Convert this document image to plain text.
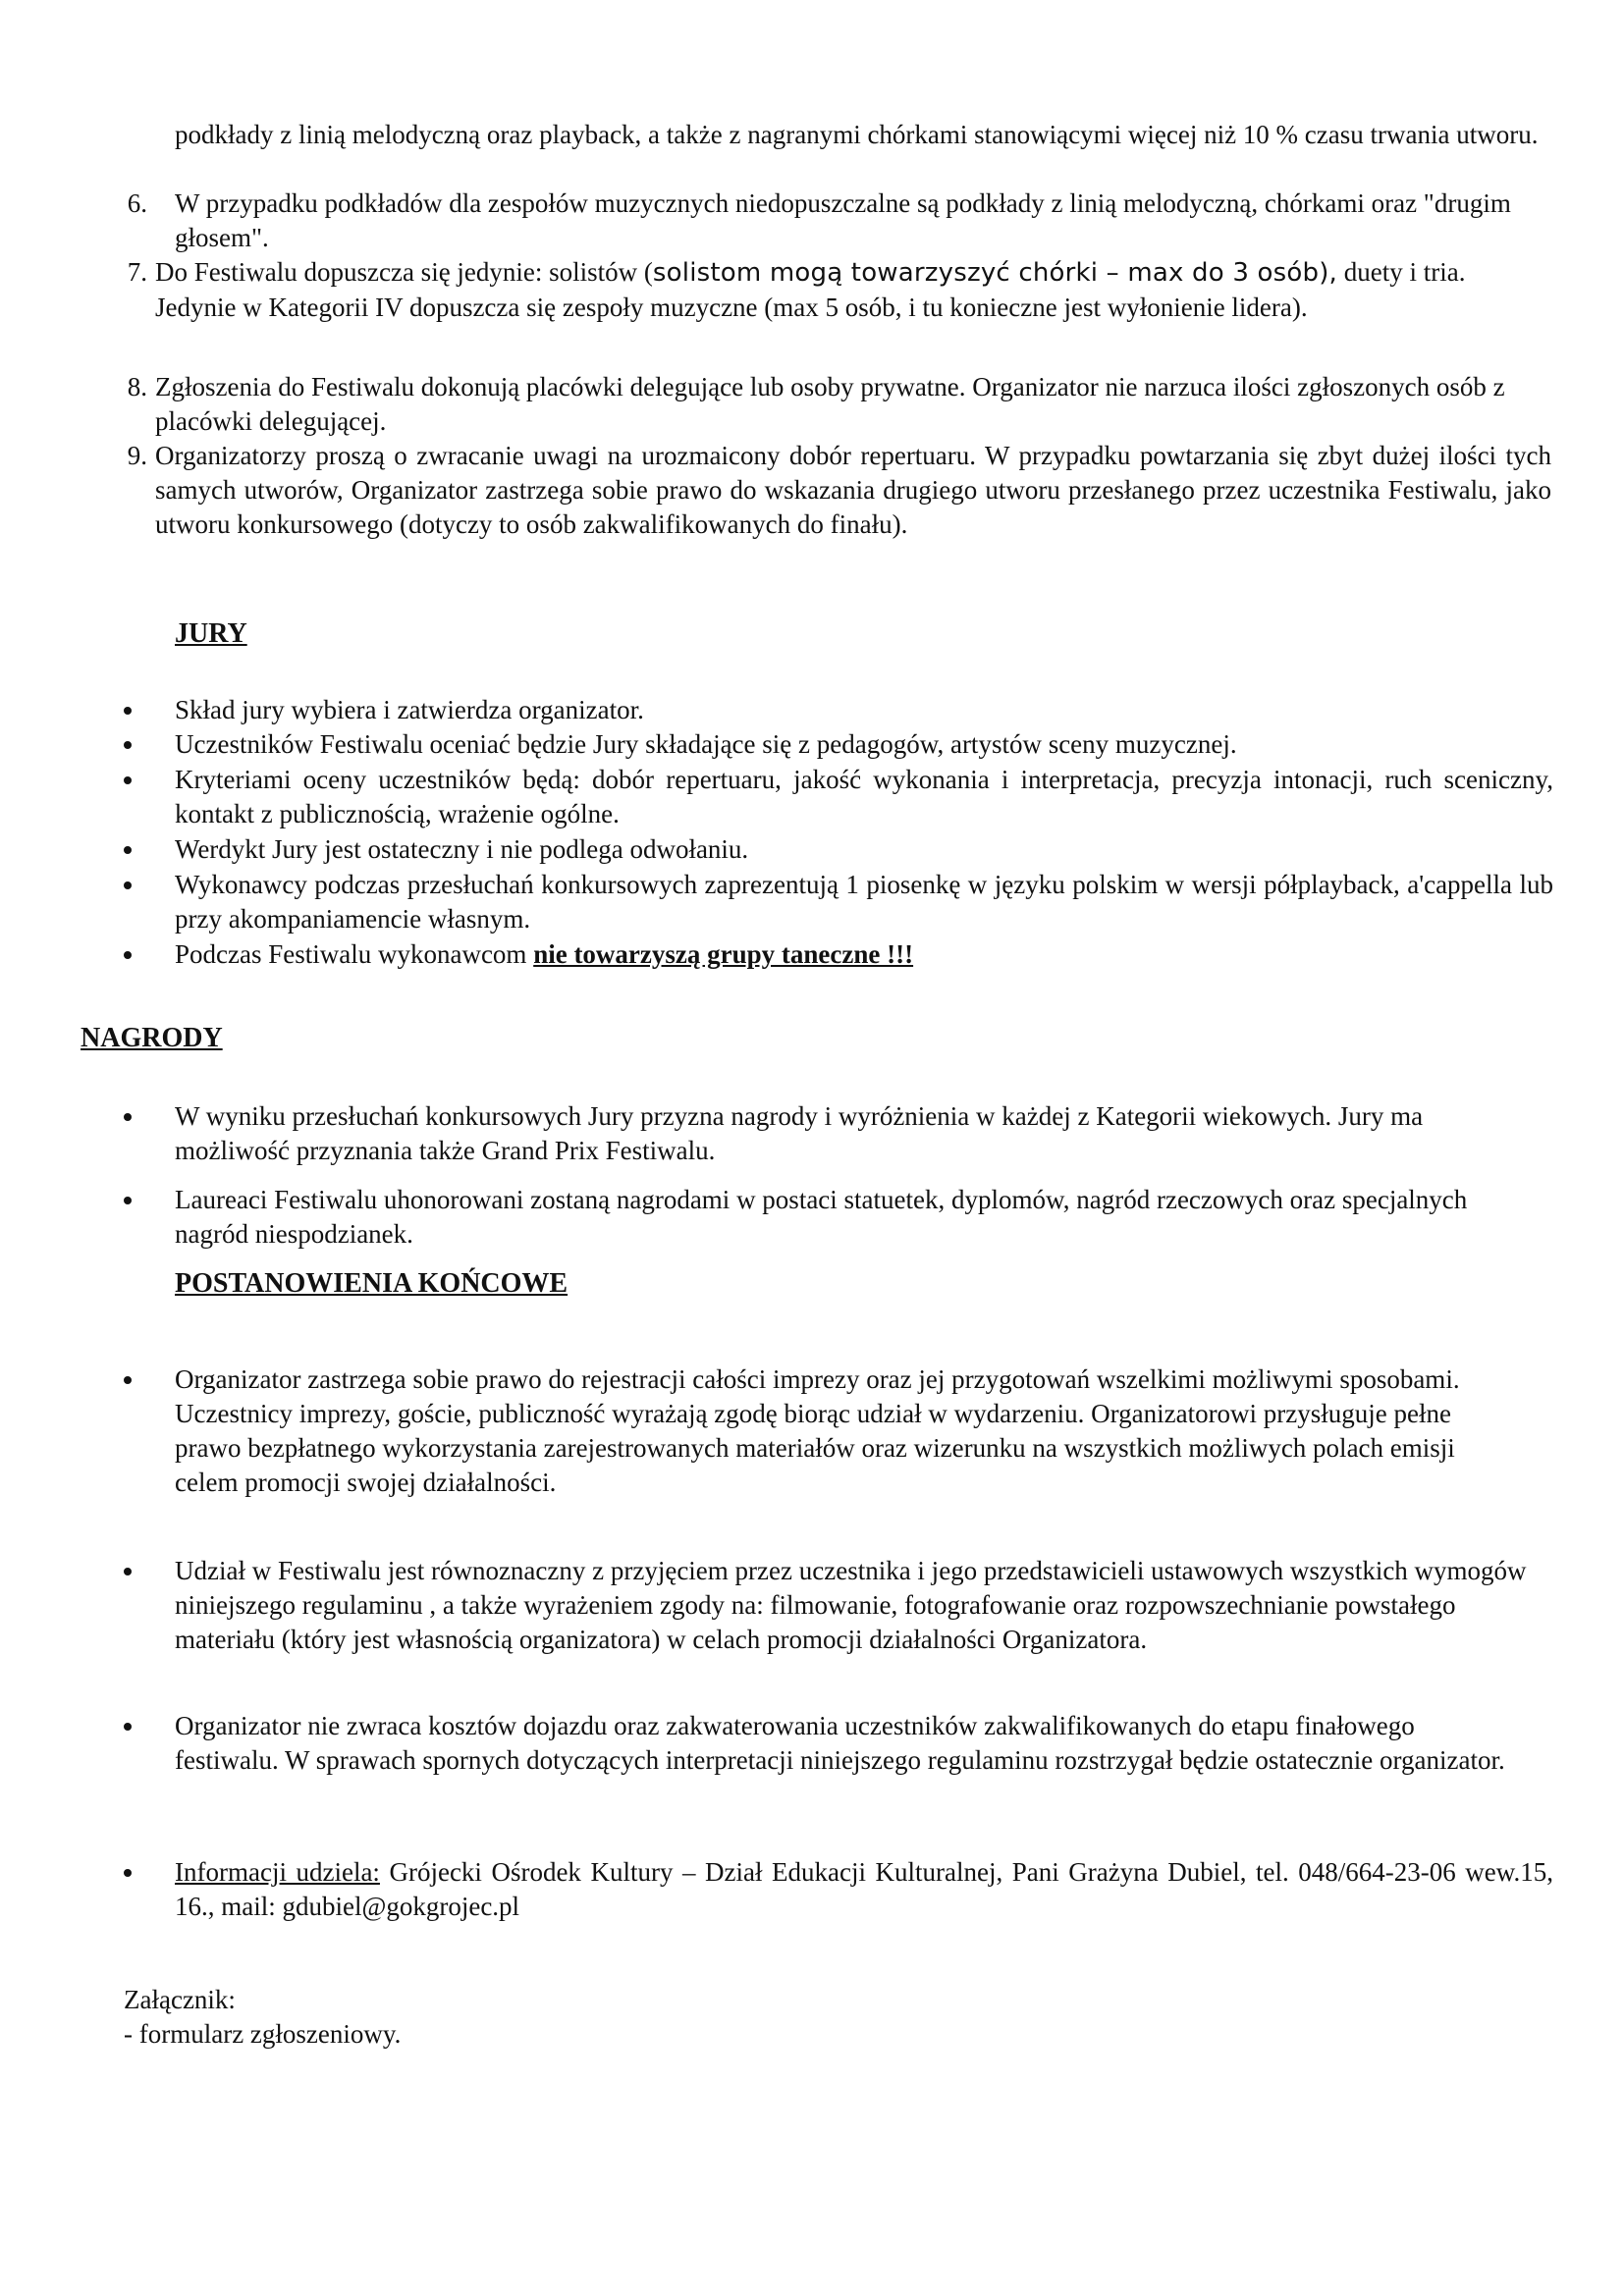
podkłady z linią melodyczną oraz playback, a także z nagranymi chórkami stanowiącymi więcej niż 10 % czasu trwania utworu.
6. W przypadku podkładów dla zespołów muzycznych niedopuszczalne są podkłady z linią melodyczną, chórkami oraz "drugim głosem".
7. Do Festiwalu dopuszcza się jedynie: solistów (solistom mogą towarzyszyć chórki – max do 3 osób), duety i tria. Jedynie w Kategorii IV dopuszcza się zespoły muzyczne (max 5 osób, i tu konieczne jest wyłonienie lidera).
8. Zgłoszenia do Festiwalu dokonują placówki delegujące lub osoby prywatne. Organizator nie narzuca ilości zgłoszonych osób z placówki delegującej.
9. Organizatorzy proszą o zwracanie uwagi na urozmaicony dobór repertuaru. W przypadku powtarzania się zbyt dużej ilości tych samych utworów, Organizator zastrzega sobie prawo do wskazania drugiego utworu przesłanego przez uczestnika Festiwalu, jako utworu konkursowego (dotyczy to osób zakwalifikowanych do finału).
JURY
Skład jury wybiera i zatwierdza organizator.
Uczestników Festiwalu oceniać będzie Jury składające się z pedagogów, artystów sceny muzycznej.
Kryteriami oceny uczestników będą: dobór repertuaru, jakość wykonania i interpretacja, precyzja intonacji, ruch sceniczny, kontakt z publicznością, wrażenie ogólne.
Werdykt Jury jest ostateczny i nie podlega odwołaniu.
Wykonawcy podczas przesłuchań konkursowych zaprezentują 1 piosenkę w języku polskim w wersji półplayback, a'cappella lub przy akompaniamencie własnym.
Podczas Festiwalu wykonawcom nie towarzyszą grupy taneczne !!!
NAGRODY
W wyniku przesłuchań konkursowych Jury przyzna nagrody i wyróżnienia w każdej z Kategorii wiekowych. Jury ma możliwość przyznania także Grand Prix Festiwalu.
Laureaci Festiwalu uhonorowani zostaną nagrodami w postaci statuetek, dyplomów, nagród rzeczowych oraz specjalnych nagród niespodzianek.
POSTANOWIENIA KOŃCOWE
Organizator zastrzega sobie prawo do rejestracji całości imprezy oraz jej przygotowań wszelkimi możliwymi sposobami. Uczestnicy imprezy, goście, publiczność wyrażają zgodę biorąc udział w wydarzeniu. Organizatorowi przysługuje pełne prawo bezpłatnego wykorzystania zarejestrowanych materiałów oraz wizerunku na wszystkich możliwych polach emisji celem promocji swojej działalności.
Udział w Festiwalu jest równoznaczny z przyjęciem przez uczestnika i jego przedstawicieli ustawowych wszystkich wymogów niniejszego regulaminu , a także wyrażeniem zgody na: filmowanie, fotografowanie oraz rozpowszechnianie powstałego materiału (który jest własnością organizatora) w celach promocji działalności Organizatora.
Organizator nie zwraca kosztów dojazdu oraz zakwaterowania uczestników zakwalifikowanych do etapu finałowego festiwalu. W sprawach spornych dotyczących interpretacji niniejszego regulaminu rozstrzygał będzie ostatecznie organizator.
Informacji udziela: Grójecki Ośrodek Kultury – Dział Edukacji Kulturalnej, Pani Grażyna Dubiel, tel. 048/664-23-06 wew.15, 16., mail: gdubiel@gokgrojec.pl
Załącznik:
- formularz zgłoszeniowy.
